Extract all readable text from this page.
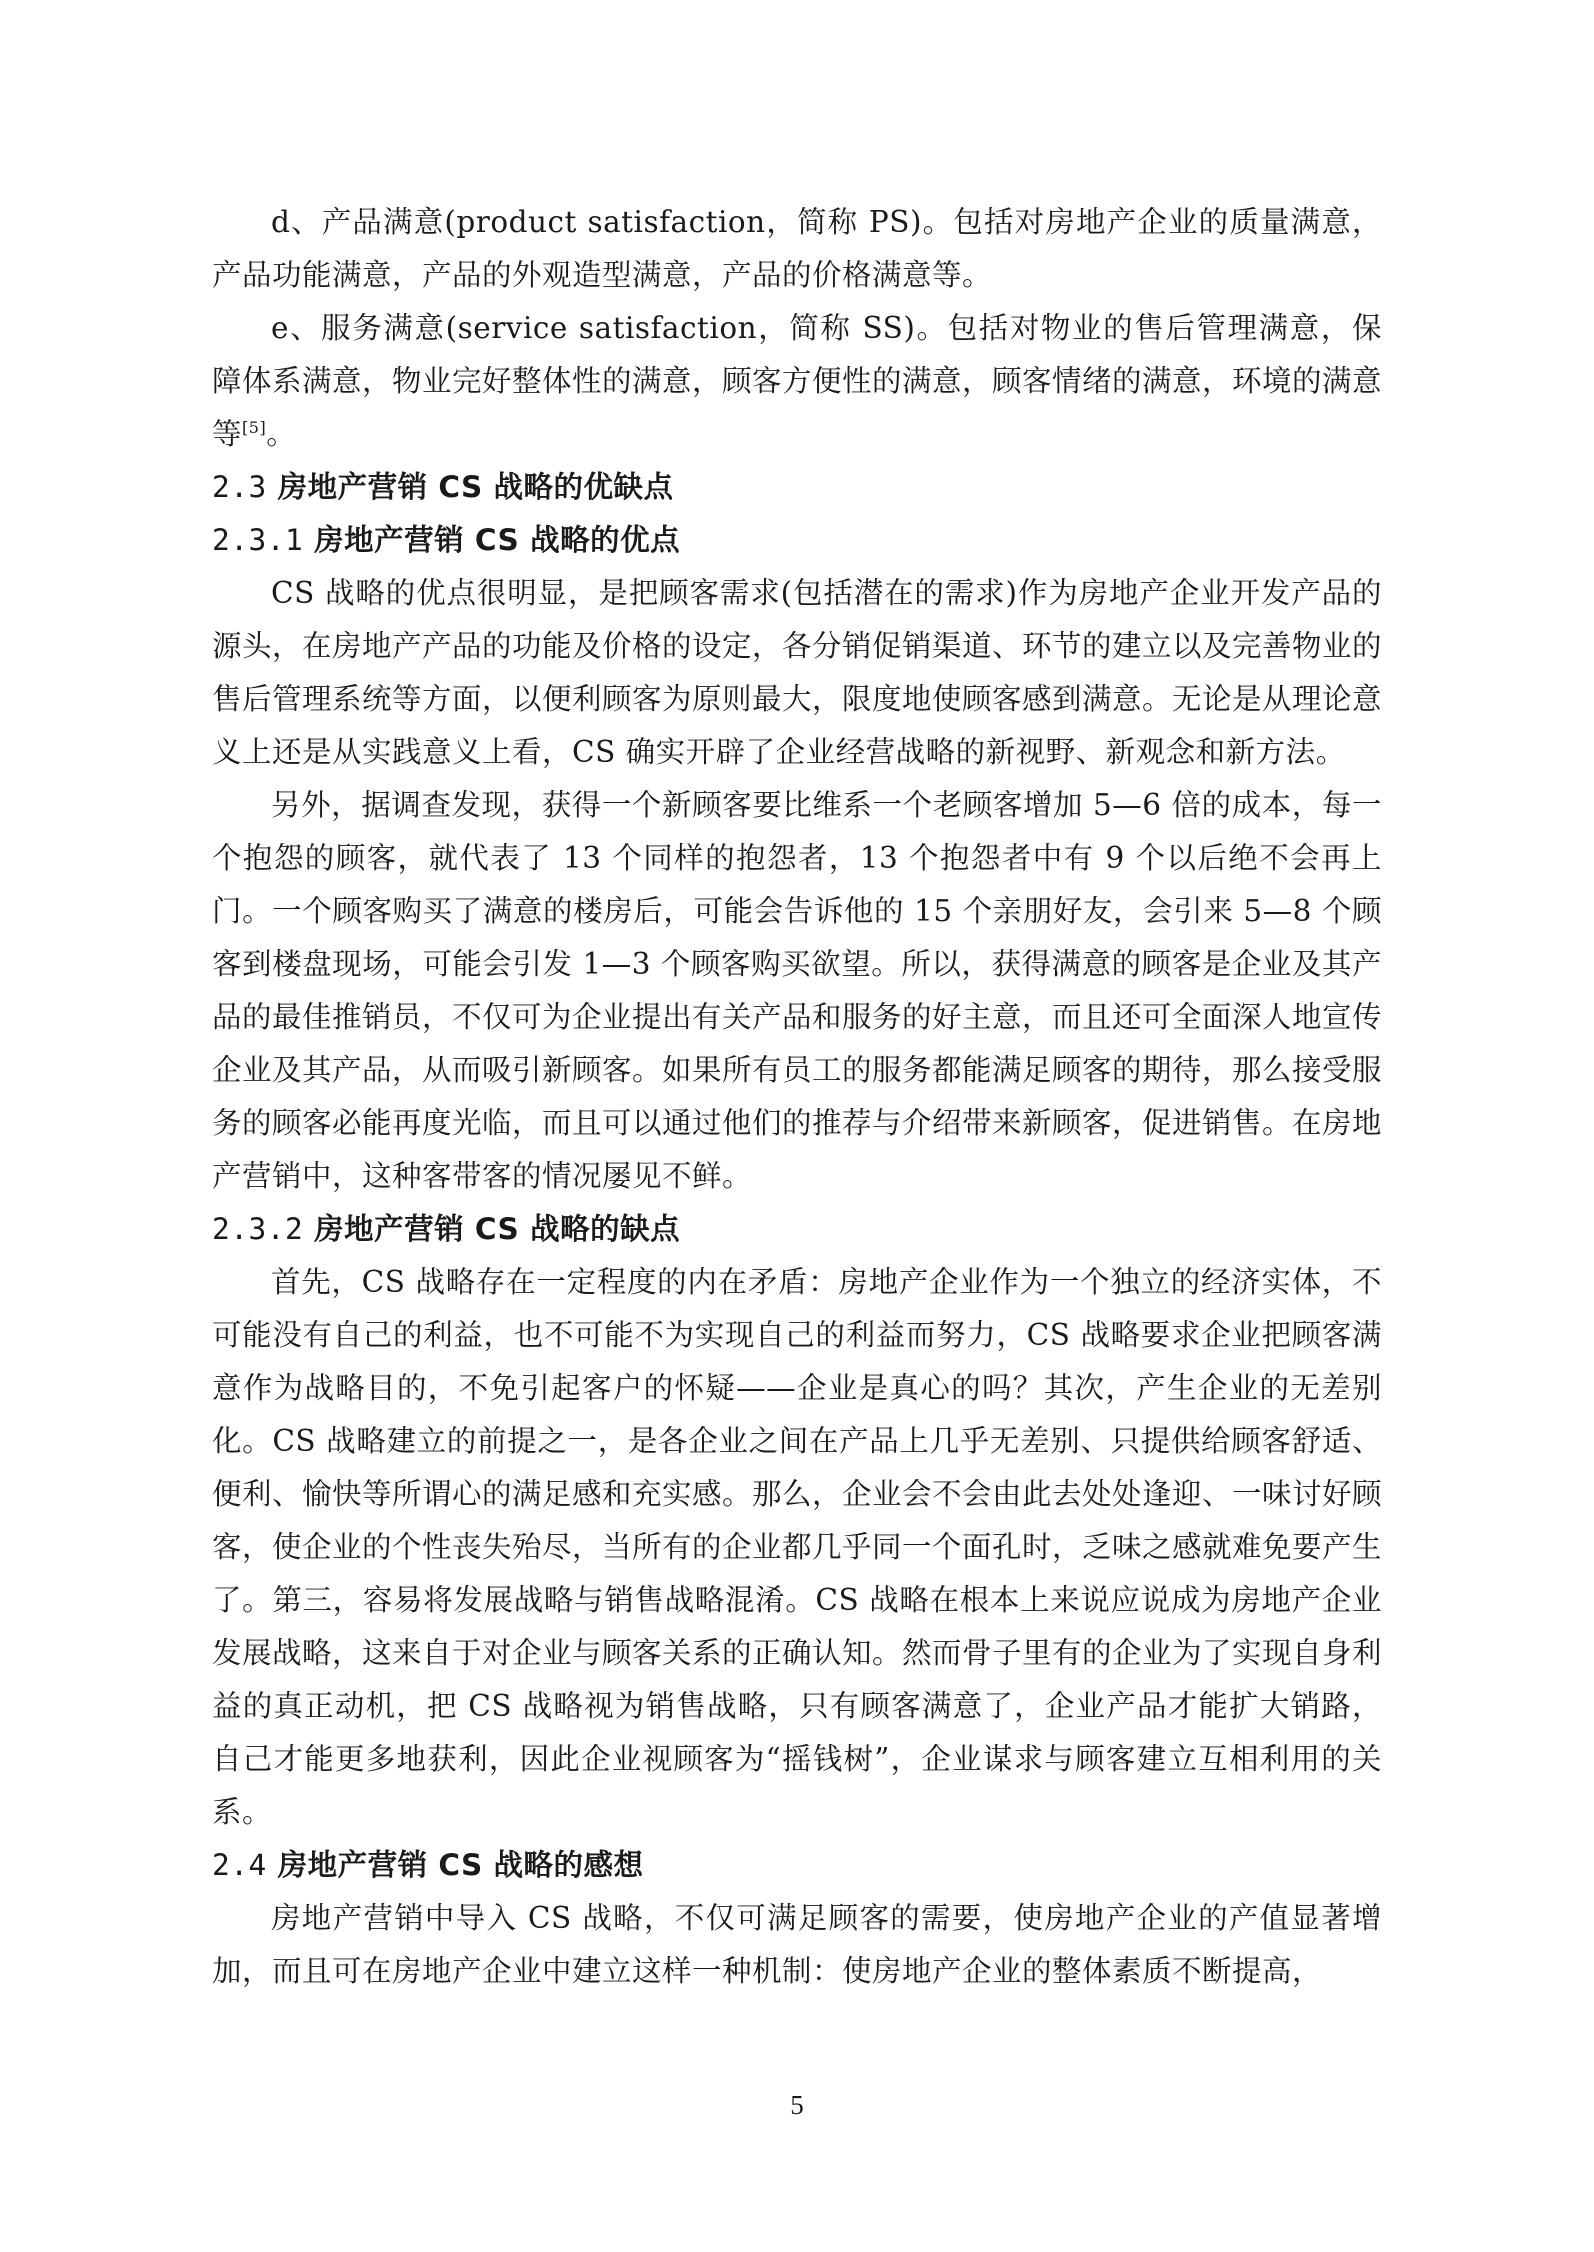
d、产品满意(product satisfaction，简称 PS)。包括对房地产企业的质量满意，产品功能满意，产品的外观造型满意，产品的价格满意等。

e、服务满意(service satisfaction，简称 SS)。包括对物业的售后管理满意，保障体系满意，物业完好整体性的满意，顾客方便性的满意，顾客情绪的满意，环境的满意等[5]。

2.3 房地产营销 CS 战略的优缺点
2.3.1 房地产营销 CS 战略的优点

CS 战略的优点很明显，是把顾客需求(包括潜在的需求)作为房地产企业开发产品的源头，在房地产产品的功能及价格的设定，各分销促销渠道、环节的建立以及完善物业的售后管理系统等方面，以便利顾客为原则最大，限度地使顾客感到满意。无论是从理论意义上还是从实践意义上看，CS 确实开辟了企业经营战略的新视野、新观念和新方法。

另外，据调查发现，获得一个新顾客要比维系一个老顾客增加 5—6 倍的成本，每一个抱怨的顾客，就代表了 13 个同样的抱怨者，13 个抱怨者中有 9 个以后绝不会再上门。一个顾客购买了满意的楼房后，可能会告诉他的 15 个亲朋好友，会引来 5—8 个顾客到楼盘现场，可能会引发 1—3 个顾客购买欲望。所以，获得满意的顾客是企业及其产品的最佳推销员，不仅可为企业提出有关产品和服务的好主意，而且还可全面深人地宣传企业及其产品，从而吸引新顾客。如果所有员工的服务都能满足顾客的期待，那么接受服务的顾客必能再度光临，而且可以通过他们的推荐与介绍带来新顾客，促进销售。在房地产营销中，这种客带客的情况屡见不鲜。

2.3.2 房地产营销 CS 战略的缺点

首先，CS 战略存在一定程度的内在矛盾：房地产企业作为一个独立的经济实体，不可能没有自己的利益，也不可能不为实现自己的利益而努力，CS 战略要求企业把顾客满意作为战略目的，不免引起客户的怀疑——企业是真心的吗？其次，产生企业的无差别化。CS 战略建立的前提之一，是各企业之间在产品上几乎无差别、只提供给顾客舒适、便利、愉快等所谓心的满足感和充实感。那么，企业会不会由此去处处逢迎、一味讨好顾客，使企业的个性丧失殆尽，当所有的企业都几乎同一个面孔时，乏味之感就难免要产生了。第三，容易将发展战略与销售战略混淆。CS 战略在根本上来说应说成为房地产企业发展战略，这来自于对企业与顾客关系的正确认知。然而骨子里有的企业为了实现自身利益的真正动机，把 CS 战略视为销售战略，只有顾客满意了，企业产品才能扩大销路，自己才能更多地获利，因此企业视顾客为“摇钱树”，企业谋求与顾客建立互相利用的关系。

2.4 房地产营销 CS 战略的感想

房地产营销中导入 CS 战略，不仅可满足顾客的需要，使房地产企业的产值显著增加，而且可在房地产企业中建立这样一种机制：使房地产企业的整体素质不断提高，

5
